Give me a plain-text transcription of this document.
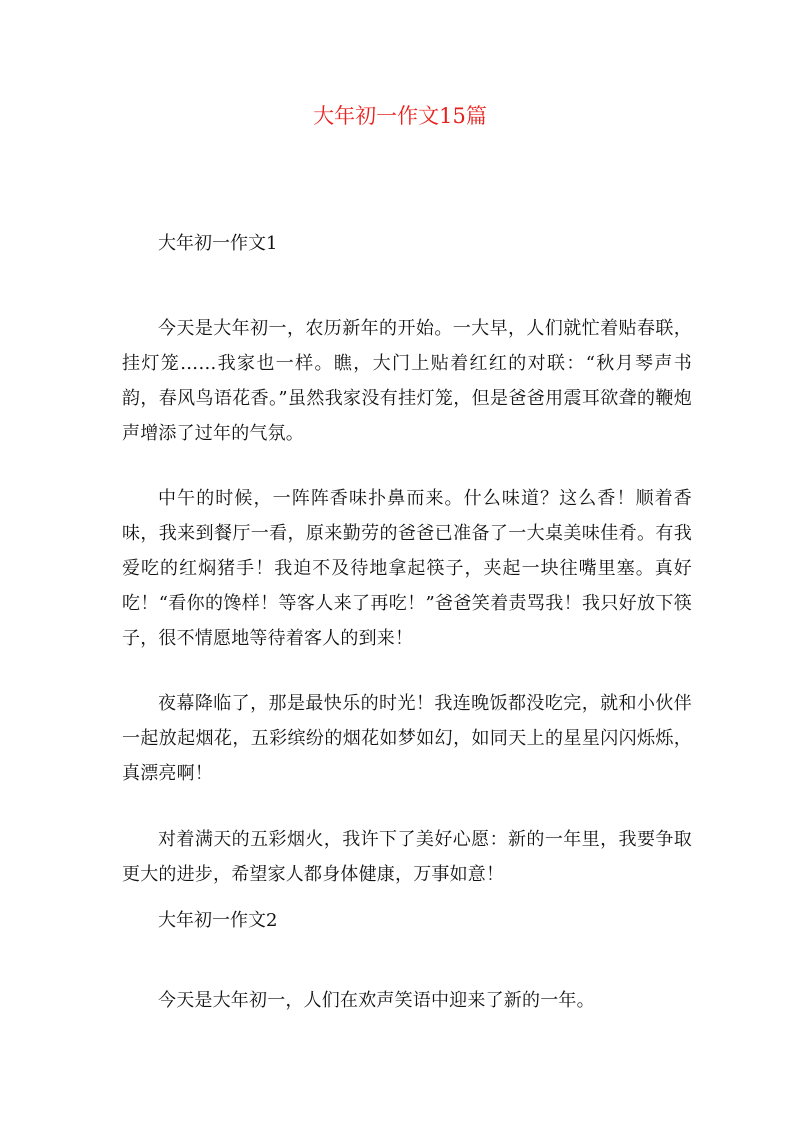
大年初一作文15篇
大年初一作文1

今天是大年初一，农历新年的开始。一大早，人们就忙着贴春联，挂灯笼……我家也一样。瞧，大门上贴着红红的对联：“秋月琴声书韵，春风鸟语花香。”虽然我家没有挂灯笼，但是爸爸用震耳欲聋的鞭炮声增添了过年的气氛。

中午的时候，一阵阵香味扑鼻而来。什么味道？这么香！顺着香味，我来到餐厅一看，原来勤劳的爸爸已准备了一大桌美味佳肴。有我爱吃的红焖猪手！我迫不及待地拿起筷子，夹起一块往嘴里塞。真好吃！“看你的馋样！等客人来了再吃！”爸爸笑着责骂我！我只好放下筷子，很不情愿地等待着客人的到来！

夜幕降临了，那是最快乐的时光！我连晚饭都没吃完，就和小伙伴一起放起烟花，五彩缤纷的烟花如梦如幻，如同天上的星星闪闪烁烁，真漂亮啊！

对着满天的五彩烟火，我许下了美好心愿：新的一年里，我要争取更大的进步，希望家人都身体健康，万事如意！

大年初一作文2

今天是大年初一，人们在欢声笑语中迎来了新的一年。
